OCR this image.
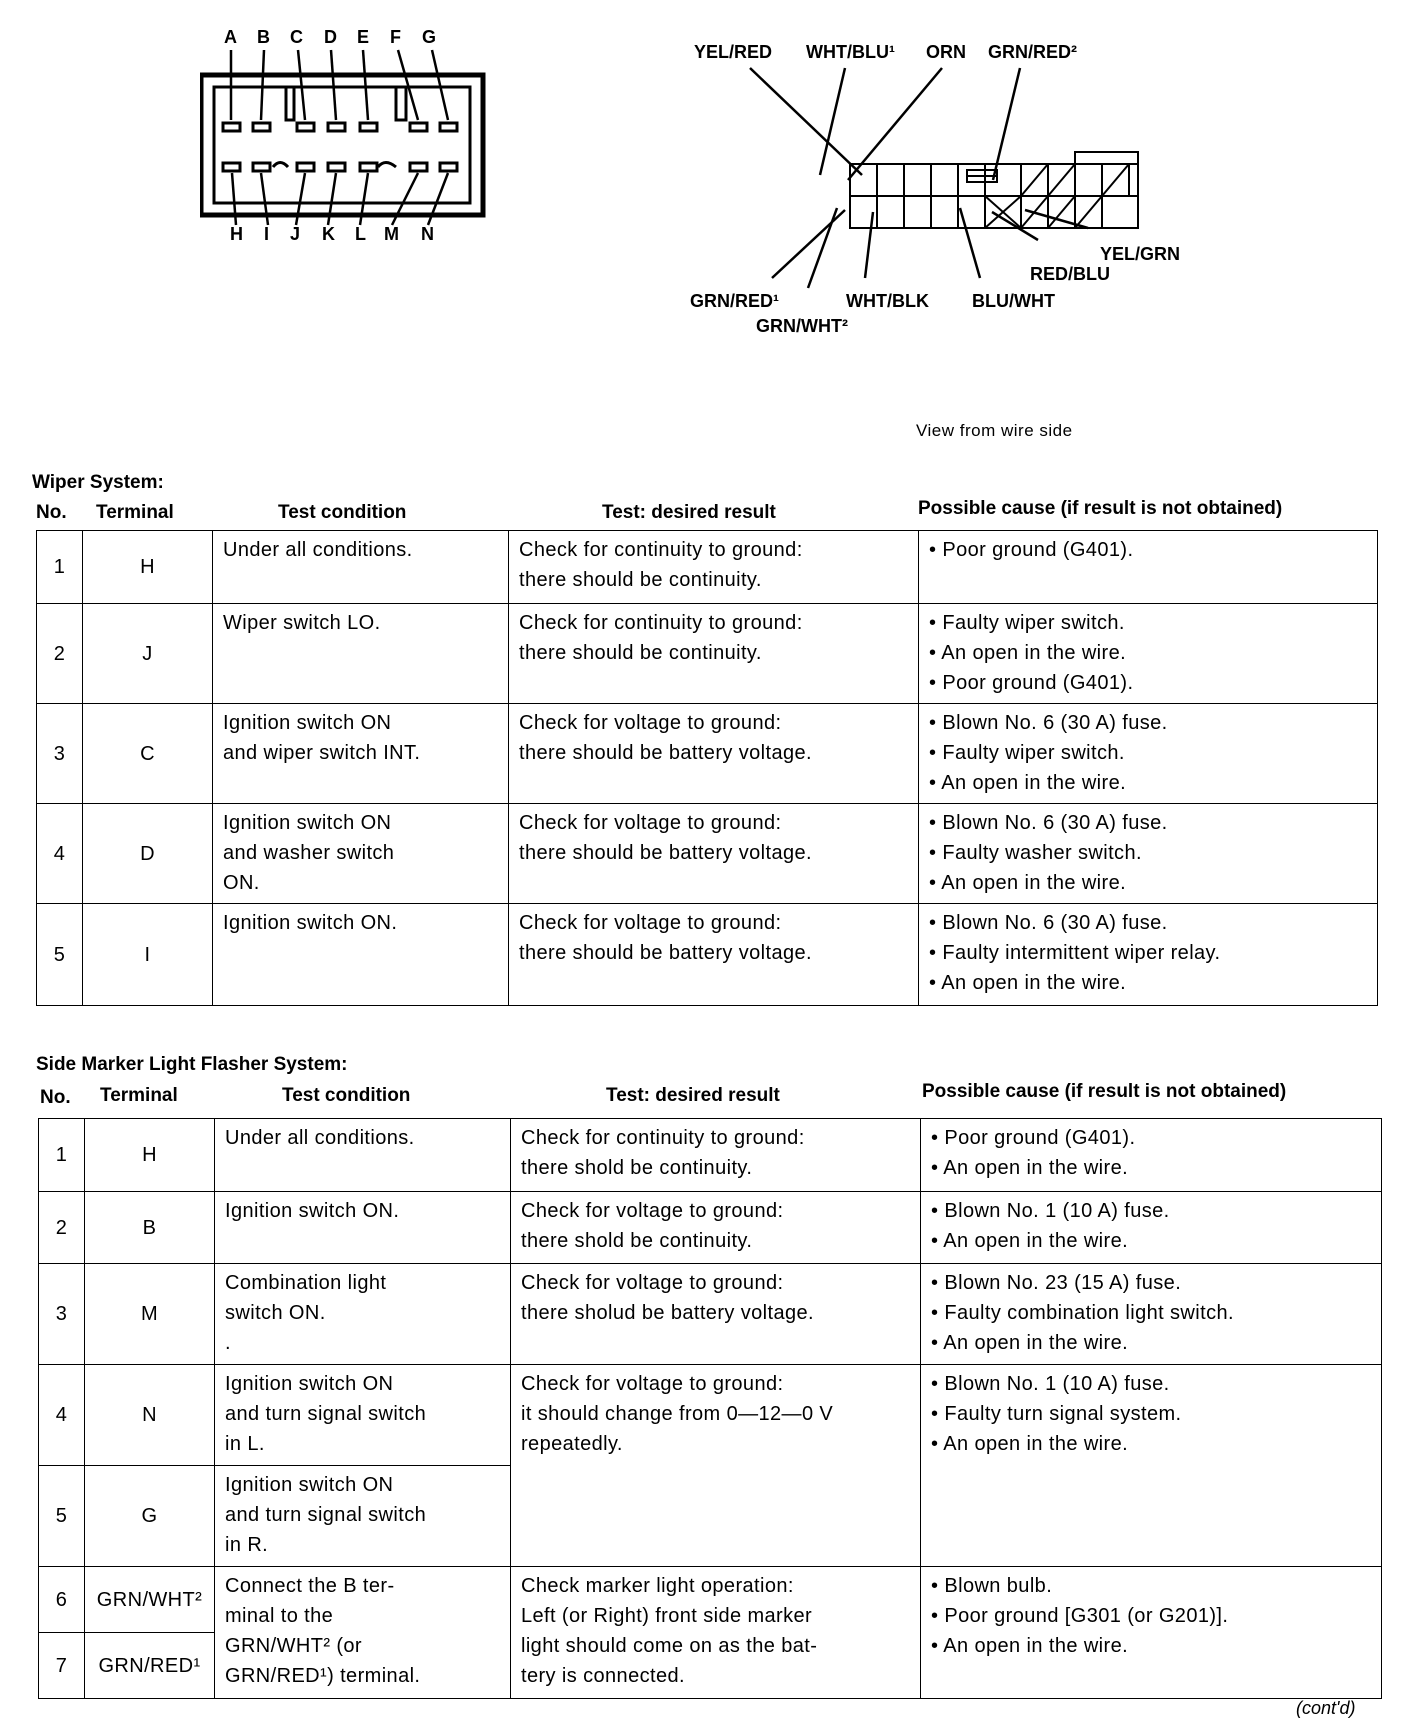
A B C D E F G
H I J K L M N
YEL/RED WHT/BLU¹ ORN GRN/RED²
YEL/GRN
RED/BLU
GRN/RED¹
GRN/WHT²
WHT/BLK BLU/WHT
View from wire side
Wiper System:
No. Terminal	Test condition	Test: desired result	Possible cause (if result is not obtained)
1	H	Under all conditions.	Check for continuity to ground:
there should be continuity.	• Poor ground (G401).

2	J	Wiper switch LO.	Check for continuity to ground:
there should be continuity.	• Faulty wiper switch.
• An open in the wire.
• Poor ground (G401).

3	C	Ignition switch ON
and wiper switch INT.	Check for voltage to ground:
there should be battery voltage.	• Blown No. 6 (30 A) fuse.
• Faulty wiper switch.
• An open in the wire.

4	D	Ignition switch ON
and washer switch
ON.	Check for voltage to ground:
there should be battery voltage.	• Blown No. 6 (30 A) fuse.
• Faulty washer switch.
• An open in the wire.

5	I	Ignition switch ON.	Check for voltage to ground:
there should be battery voltage.	• Blown No. 6 (30 A) fuse.
• Faulty intermittent wiper relay.
• An open in the wire.
Side Marker Light Flasher System:
No. Terminal	Test condition	Test: desired result	Possible cause (if result is not obtained)
1	H	Under all conditions.	Check for continuity to ground:
there shold be continuity.	• Poor ground (G401).
• An open in the wire.

2	B	Ignition switch ON.	Check for voltage to ground:
there shold be continuity.	• Blown No. 1 (10 A) fuse.
• An open in the wire.

3	M	Combination light
switch ON.
.	Check for voltage to ground:
there sholud be battery voltage.	• Blown No. 23 (15 A) fuse.
• Faulty combination light switch.
• An open in the wire.

4	N	Ignition switch ON
and turn signal switch
in L.	Check for voltage to ground:
it should change from 0—12—0 V
repeatedly.	• Blown No. 1 (10 A) fuse.
• Faulty turn signal system.
• An open in the wire.

5	G	Ignition switch ON
and turn signal switch
in R.		

6	GRN/WHT²	Connect the B ter-
minal to the
GRN/WHT² (or
GRN/RED¹) terminal.	Check marker light operation:
Left (or Right) front side marker
light should come on as the bat-
tery is connected.	• Blown bulb.
• Poor ground [G301 (or G201)].
• An open in the wire.

7	GRN/RED¹			
(cont'd)
